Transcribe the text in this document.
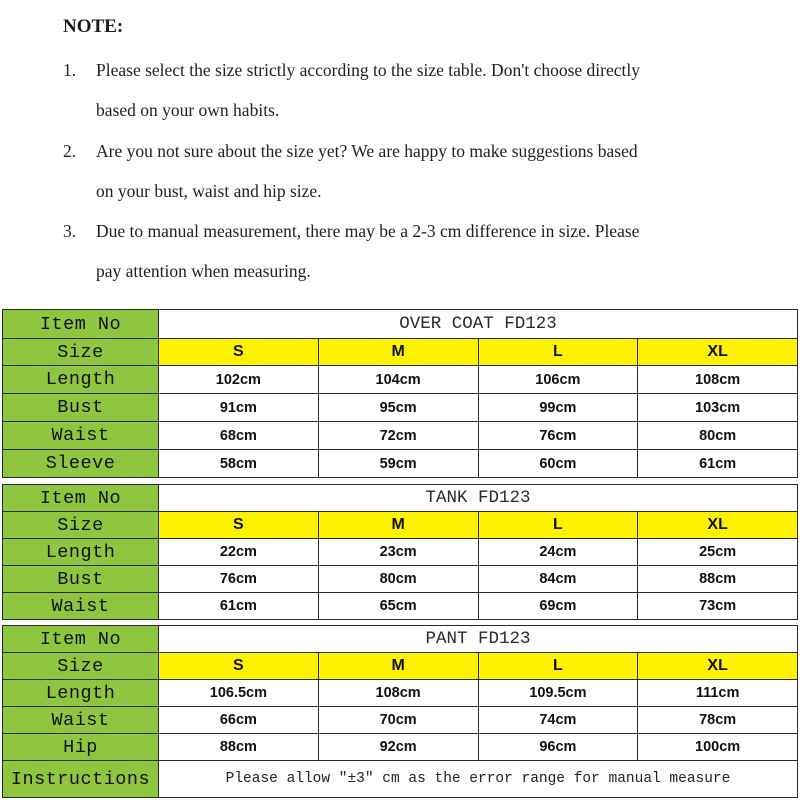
NOTE:
1. Please select the size strictly according to the size table. Don't choose directly
based on your own habits.
2. Are you not sure about the size yet? We are happy to make suggestions based
on your bust, waist and hip size.
3. Due to manual measurement, there may be a 2-3 cm difference in size. Please
pay attention when measuring.
Item No	OVER COAT FD123			
Size	S	M	L	XL
Length	102cm	104cm	106cm	108cm
Bust	91cm	95cm	99cm	103cm
Waist	68cm	72cm	76cm	80cm
Sleeve	58cm	59cm	60cm	61cm
Item No	TANK FD123			
Size	S	M	L	XL
Length	22cm	23cm	24cm	25cm
Bust	76cm	80cm	84cm	88cm
Waist	61cm	65cm	69cm	73cm
Item No	PANT FD123			
Size	S	M	L	XL
Length	106.5cm	108cm	109.5cm	111cm
Waist	66cm	70cm	74cm	78cm
Hip	88cm	92cm	96cm	100cm
Instructions	Please allow "±3" cm as the error range for manual measure			
